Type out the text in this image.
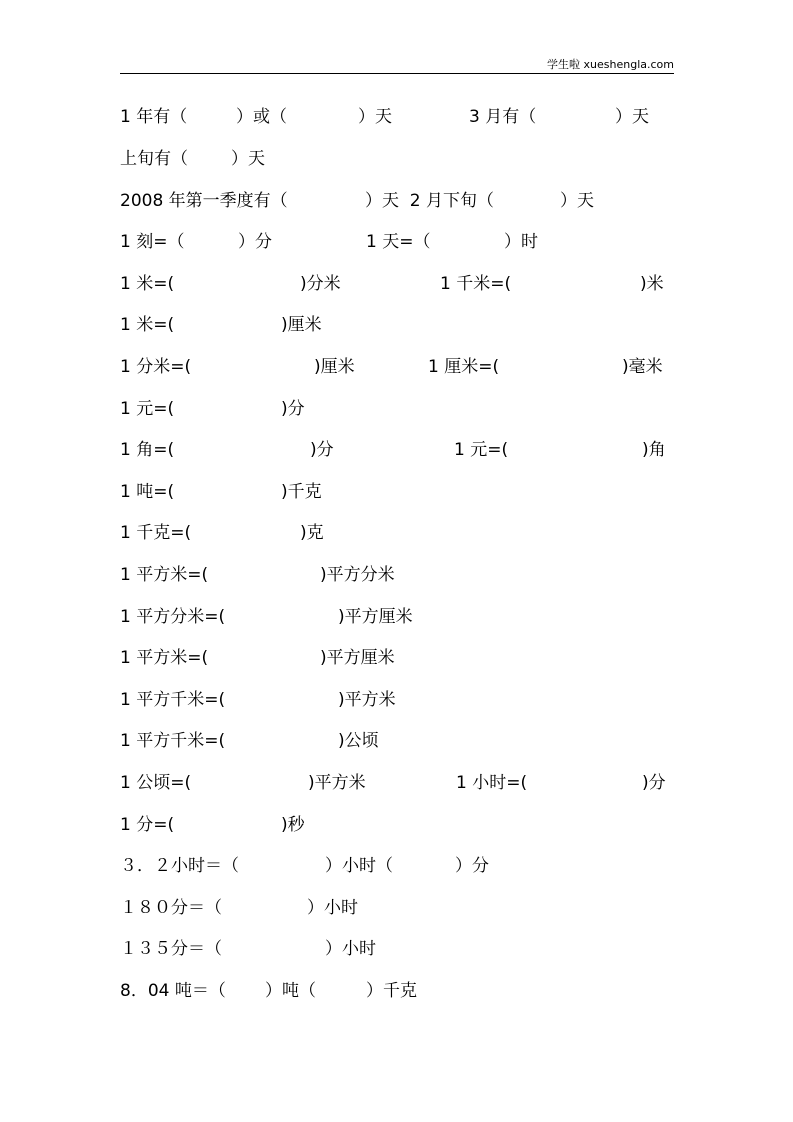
学生啦 xueshengla.com
1 年有（	）或（	）天	3 月有（	）天
上旬有（	）天
2008 年第一季度有（	）天  2 月下旬（	）天
1 刻=（	）分	1 天=（	）时
1 米=(	)分米	1 千米=(	)米
1 米=(	)厘米
1 分米=(	)厘米	1 厘米=(	)毫米
1 元=(	)分
1 角=(	)分	1 元=(	)角
1 吨=(	)千克
1 千克=(	)克
1 平方米=(	)平方分米
1 平方分米=(	)平方厘米
1 平方米=(	)平方厘米
1 平方千米=(	)平方米
1 平方千米=(	)公顷
1 公顷=(	)平方米	1 小时=(	)分
1 分=(	)秒
３．２小时＝（	）小时（	）分
１８０分＝（	）小时
１３５分＝（	）小时
8．04 吨＝（ ）吨（	）千克
